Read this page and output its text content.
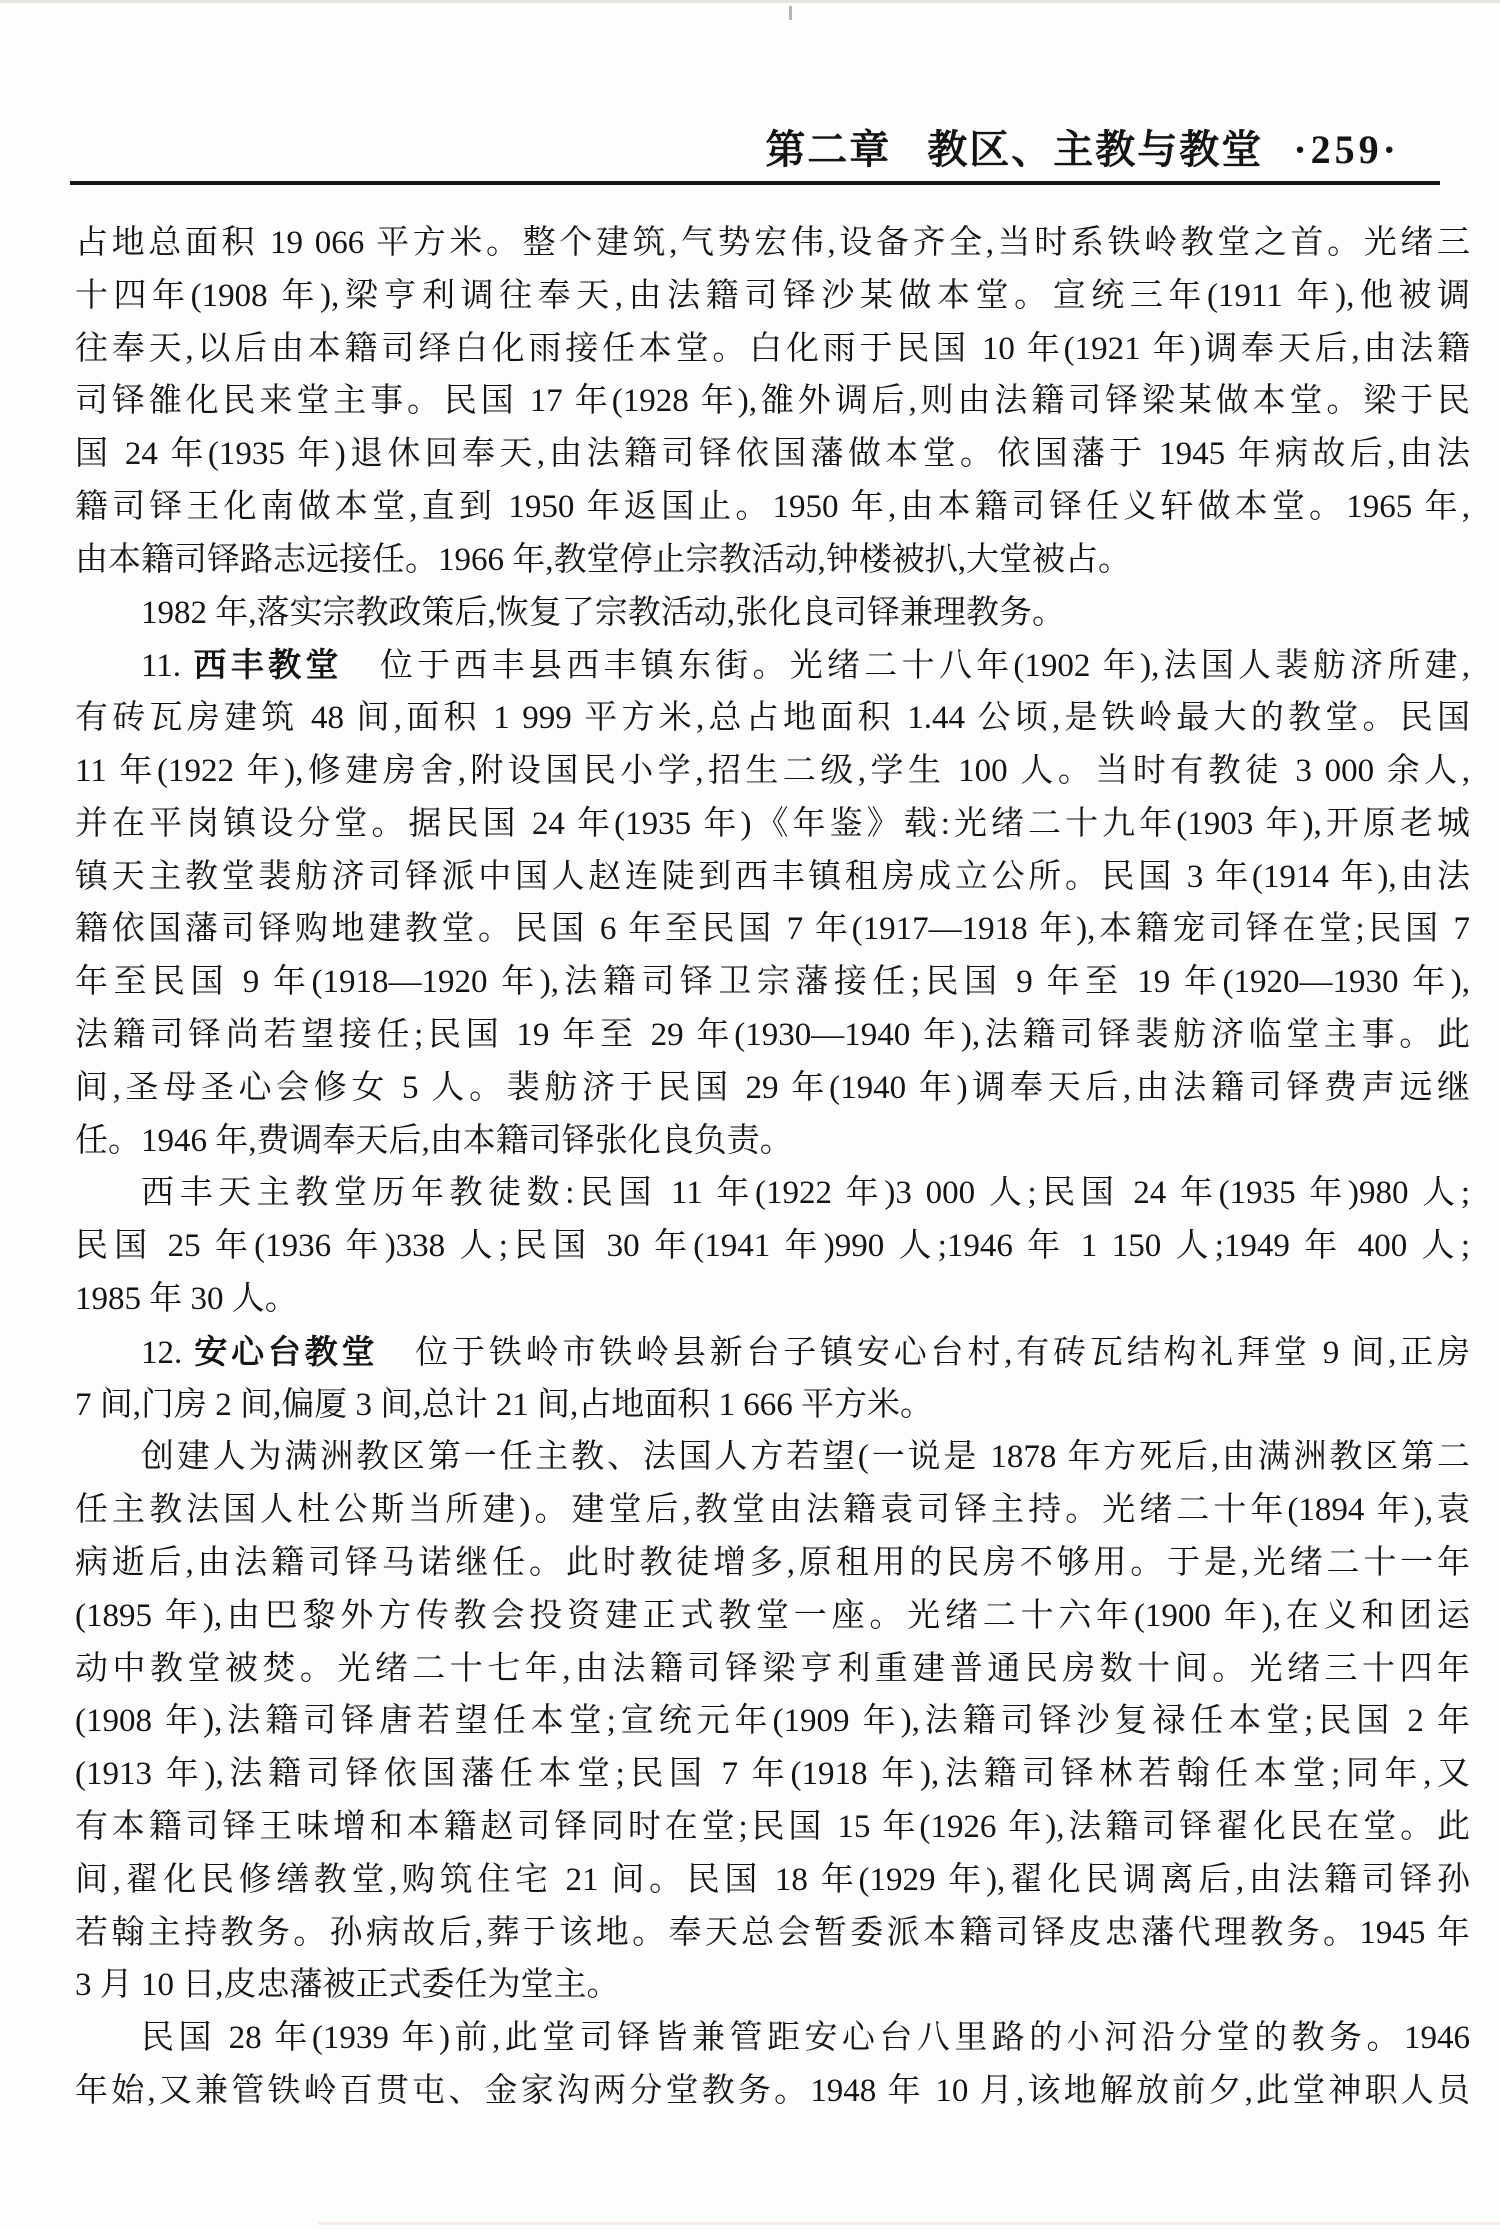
第二章 教区、主教与教堂 ·259·
占地总面积 19 066 平方米。整个建筑,气势宏伟,设备齐全,当时系铁岭教堂之首。光绪三
十四年(1908 年),梁亨利调往奉天,由法籍司铎沙某做本堂。宣统三年(1911 年),他被调
往奉天,以后由本籍司绎白化雨接任本堂。白化雨于民国 10 年(1921 年)调奉天后,由法籍
司铎雒化民来堂主事。民国 17 年(1928 年),雒外调后,则由法籍司铎梁某做本堂。梁于民
国 24 年(1935 年)退休回奉天,由法籍司铎依国藩做本堂。依国藩于 1945 年病故后,由法
籍司铎王化南做本堂,直到 1950 年返国止。1950 年,由本籍司铎任义轩做本堂。1965 年,
由本籍司铎路志远接任。1966 年,教堂停止宗教活动,钟楼被扒,大堂被占。
1982 年,落实宗教政策后,恢复了宗教活动,张化良司铎兼理教务。
11. 西丰教堂　位于西丰县西丰镇东街。光绪二十八年(1902 年),法国人裴舫济所建,
有砖瓦房建筑 48 间,面积 1 999 平方米,总占地面积 1.44 公顷,是铁岭最大的教堂。民国
11 年(1922 年),修建房舍,附设国民小学,招生二级,学生 100 人。当时有教徒 3 000 余人,
并在平岗镇设分堂。据民国 24 年(1935 年)《年鉴》载:光绪二十九年(1903 年),开原老城
镇天主教堂裴舫济司铎派中国人赵连陡到西丰镇租房成立公所。民国 3 年(1914 年),由法
籍依国藩司铎购地建教堂。民国 6 年至民国 7 年(1917—1918 年),本籍宠司铎在堂;民国 7
年至民国 9 年(1918—1920 年),法籍司铎卫宗藩接任;民国 9 年至 19 年(1920—1930 年),
法籍司铎尚若望接任;民国 19 年至 29 年(1930—1940 年),法籍司铎裴舫济临堂主事。此
间,圣母圣心会修女 5 人。裴舫济于民国 29 年(1940 年)调奉天后,由法籍司铎费声远继
任。1946 年,费调奉天后,由本籍司铎张化良负责。
西丰天主教堂历年教徒数:民国 11 年(1922 年)3 000 人;民国 24 年(1935 年)980 人;
民国 25 年(1936 年)338 人;民国 30 年(1941 年)990 人;1946 年 1 150 人;1949 年 400 人;
1985 年 30 人。
12. 安心台教堂　位于铁岭市铁岭县新台子镇安心台村,有砖瓦结构礼拜堂 9 间,正房
7 间,门房 2 间,偏厦 3 间,总计 21 间,占地面积 1 666 平方米。
创建人为满洲教区第一任主教、法国人方若望(一说是 1878 年方死后,由满洲教区第二
任主教法国人杜公斯当所建)。建堂后,教堂由法籍袁司铎主持。光绪二十年(1894 年),袁
病逝后,由法籍司铎马诺继任。此时教徒增多,原租用的民房不够用。于是,光绪二十一年
(1895 年),由巴黎外方传教会投资建正式教堂一座。光绪二十六年(1900 年),在义和团运
动中教堂被焚。光绪二十七年,由法籍司铎梁亨利重建普通民房数十间。光绪三十四年
(1908 年),法籍司铎唐若望任本堂;宣统元年(1909 年),法籍司铎沙复禄任本堂;民国 2 年
(1913 年),法籍司铎依国藩任本堂;民国 7 年(1918 年),法籍司铎林若翰任本堂;同年,又
有本籍司铎王味增和本籍赵司铎同时在堂;民国 15 年(1926 年),法籍司铎翟化民在堂。此
间,翟化民修缮教堂,购筑住宅 21 间。民国 18 年(1929 年),翟化民调离后,由法籍司铎孙
若翰主持教务。孙病故后,葬于该地。奉天总会暂委派本籍司铎皮忠藩代理教务。1945 年
3 月 10 日,皮忠藩被正式委任为堂主。
民国 28 年(1939 年)前,此堂司铎皆兼管距安心台八里路的小河沿分堂的教务。1946
年始,又兼管铁岭百贯屯、金家沟两分堂教务。1948 年 10 月,该地解放前夕,此堂神职人员
